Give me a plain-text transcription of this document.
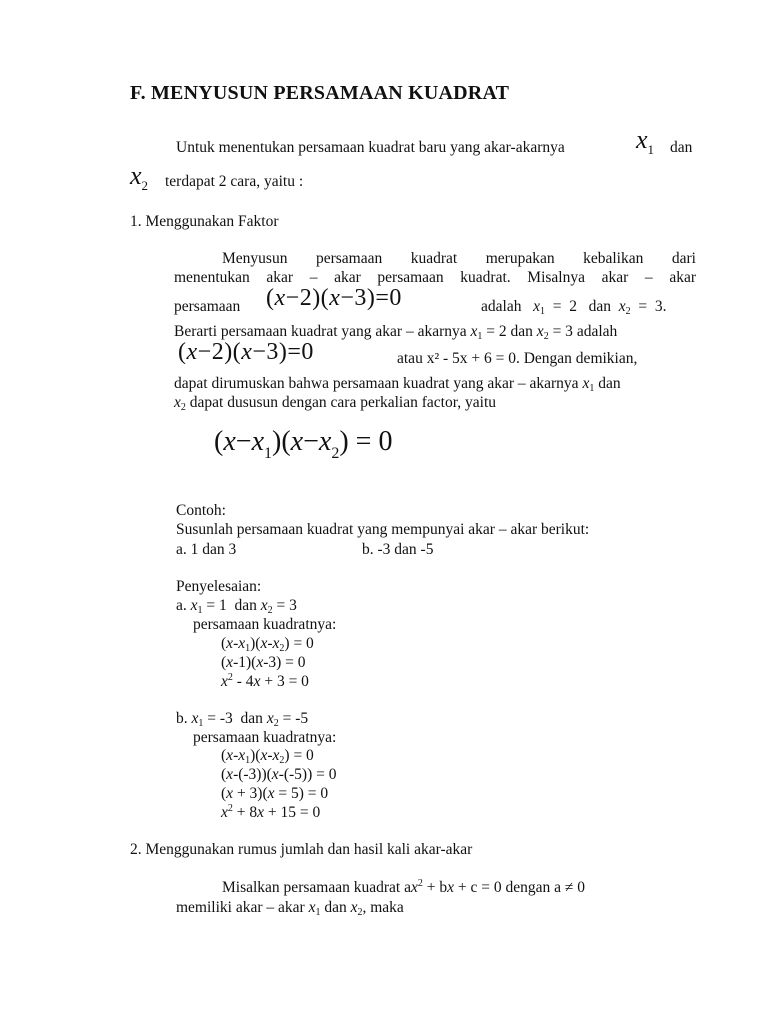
F. MENYUSUN PERSAMAAN KUADRAT
Untuk menentukan persamaan kuadrat baru yang akar-akarnya	$x_1$ dan
$x_2$ terdapat 2 cara, yaitu :
1. Menggunakan Faktor
Menyusun persamaan kuadrat merupakan kebalikan dari
menentukan akar – akar persamaan kuadrat. Misalnya akar – akar
persamaan (x−2)(x−3)=0	adalah $x_1 = 2$   dan $x_2 = 3$.
Berarti persamaan kuadrat yang akar – akarnya $x_1 = 2$ dan $x_2 = 3$ adalah
(x−2)(x−3)=0	atau x² - 5x + 6 = 0. Dengan demikian,
dapat dirumuskan bahwa persamaan kuadrat yang akar – akarnya $x_1$ dan
$x_2$ dapat dususun dengan cara perkalian factor, yaitu
$(x-x_1)(x-x_2) = 0$
Contoh:
Susunlah persamaan kuadrat yang mempunyai akar – akar berikut:
a. 1 dan 3	b. -3 dan -5
Penyelesaian:
a. $x_1 = 1$  dan $x_2 = 3$
persamaan kuadratnya:
$(x-x_1)(x-x_2) = 0$
(x-1)(x-3) = 0
$x^2 - 4x + 3 = 0$
b. $x_1 = -3$  dan $x_2 = -5$
persamaan kuadratnya:
$(x-x_1)(x-x_2) = 0$
(x-(-3))(x-(-5)) = 0
(x + 3)(x = 5) = 0
$x^2 + 8x + 15 = 0$
2. Menggunakan rumus jumlah dan hasil kali akar-akar
Misalkan persamaan kuadrat $ax^2$ + bx + c = 0 dengan a ≠ 0
memiliki akar – akar $x_1$ dan $x_2$, maka
